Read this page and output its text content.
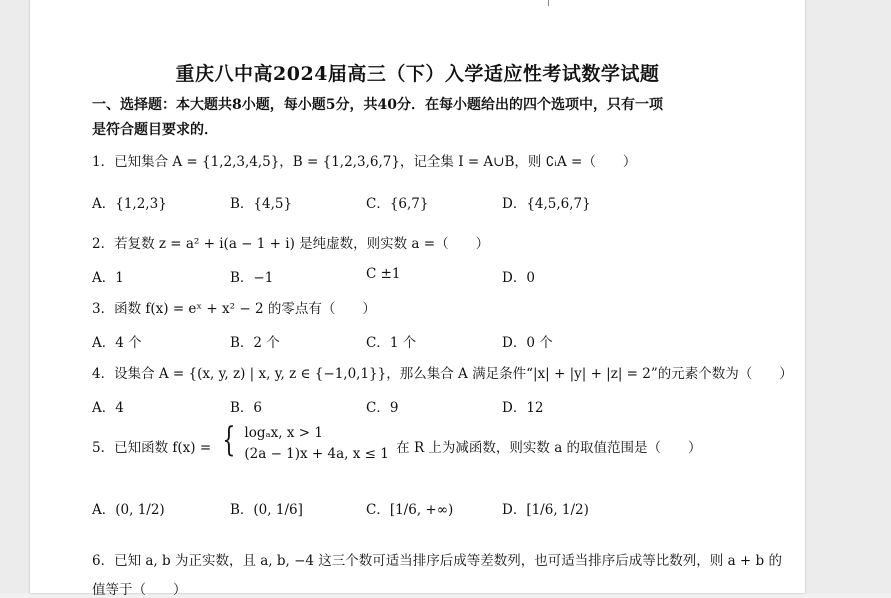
重庆八中高2024届高三（下）入学适应性考试数学试题
一、选择题：本大题共8小题，每小题5分，共40分．在每小题给出的四个选项中，只有一项
是符合题目要求的．
1．已知集合 A = {1,2,3,4,5}，B = {1,2,3,6,7}，记全集 I = A∪B，则 ∁ᵢA =（　　）
A．{1,2,3}	B．{4,5}	C．{6,7}	D．{4,5,6,7}
2．若复数 z = a² + i(a − 1 + i) 是纯虚数，则实数 a =（　　）
A．1	B．−1	C ±1	D．0
3．函数 f(x) = eˣ + x² − 2 的零点有（　　）
A．4 个	B．2 个	C．1 个	D．0 个
4．设集合 A = {(x, y, z) | x, y, z ∈ {−1,0,1}}，那么集合 A 满足条件“|x| + |y| + |z| = 2”的元素个数为（　　）
A．4	B．6	C．9	D．12
5．已知函数 f(x) = { logₐx, x > 1
(2a − 1)x + 4a, x ≤ 1 在 R 上为减函数，则实数 a 的取值范围是（　　）
A．(0, 1/2)	B．(0, 1/6]	C．[1/6, +∞)	D．[1/6, 1/2)
6．已知 a, b 为正实数，且 a, b, −4 这三个数可适当排序后成等差数列，也可适当排序后成等比数列，则 a + b 的
值等于（　　）
